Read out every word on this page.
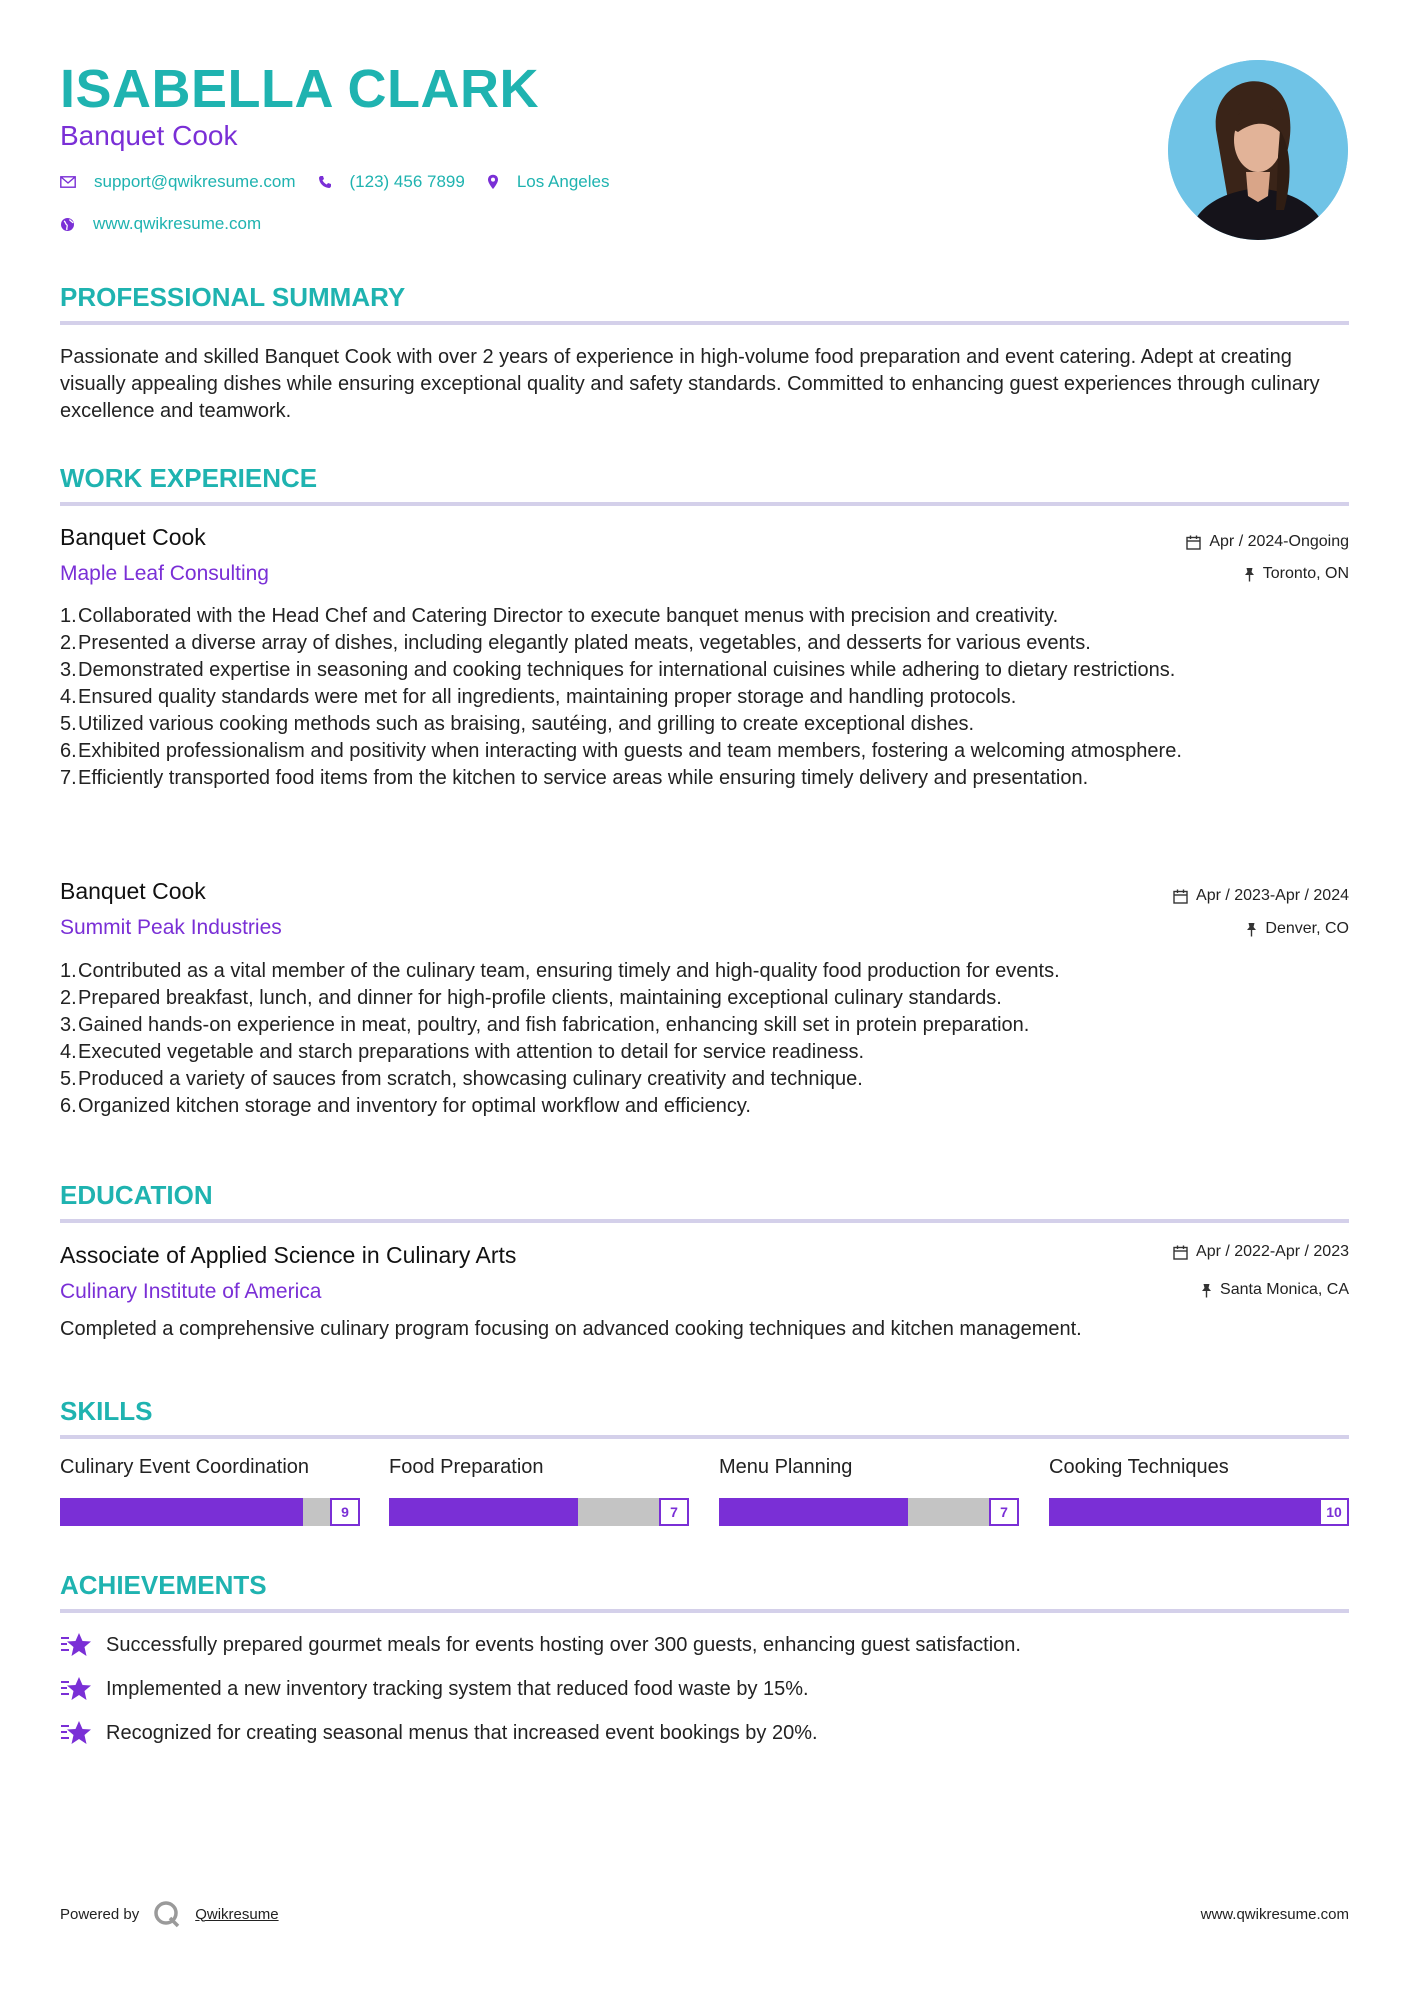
ISABELLA CLARK
Banquet Cook
support@qwikresume.com	(123) 456 7899	Los Angeles
www.qwikresume.com
PROFESSIONAL SUMMARY
Passionate and skilled Banquet Cook with over 2 years of experience in high-volume food preparation and event catering. Adept at creating visually appealing dishes while ensuring exceptional quality and safety standards. Committed to enhancing guest experiences through culinary excellence and teamwork.
WORK EXPERIENCE
Banquet Cook
Maple Leaf Consulting
Apr / 2024-Ongoing
Toronto, ON
1. Collaborated with the Head Chef and Catering Director to execute banquet menus with precision and creativity.
2. Presented a diverse array of dishes, including elegantly plated meats, vegetables, and desserts for various events.
3. Demonstrated expertise in seasoning and cooking techniques for international cuisines while adhering to dietary restrictions.
4. Ensured quality standards were met for all ingredients, maintaining proper storage and handling protocols.
5. Utilized various cooking methods such as braising, sautéing, and grilling to create exceptional dishes.
6. Exhibited professionalism and positivity when interacting with guests and team members, fostering a welcoming atmosphere.
7. Efficiently transported food items from the kitchen to service areas while ensuring timely delivery and presentation.
Banquet Cook
Summit Peak Industries
Apr / 2023-Apr / 2024
Denver, CO
1. Contributed as a vital member of the culinary team, ensuring timely and high-quality food production for events.
2. Prepared breakfast, lunch, and dinner for high-profile clients, maintaining exceptional culinary standards.
3. Gained hands-on experience in meat, poultry, and fish fabrication, enhancing skill set in protein preparation.
4. Executed vegetable and starch preparations with attention to detail for service readiness.
5. Produced a variety of sauces from scratch, showcasing culinary creativity and technique.
6. Organized kitchen storage and inventory for optimal workflow and efficiency.
EDUCATION
Associate of Applied Science in Culinary Arts
Culinary Institute of America
Apr / 2022-Apr / 2023
Santa Monica, CA
Completed a comprehensive culinary program focusing on advanced cooking techniques and kitchen management.
SKILLS
Culinary Event Coordination
9
Food Preparation
7
Menu Planning
7
Cooking Techniques
10
ACHIEVEMENTS
Successfully prepared gourmet meals for events hosting over 300 guests, enhancing guest satisfaction.
Implemented a new inventory tracking system that reduced food waste by 15%.
Recognized for creating seasonal menus that increased event bookings by 20%.
Powered by	Qwikresume	www.qwikresume.com
